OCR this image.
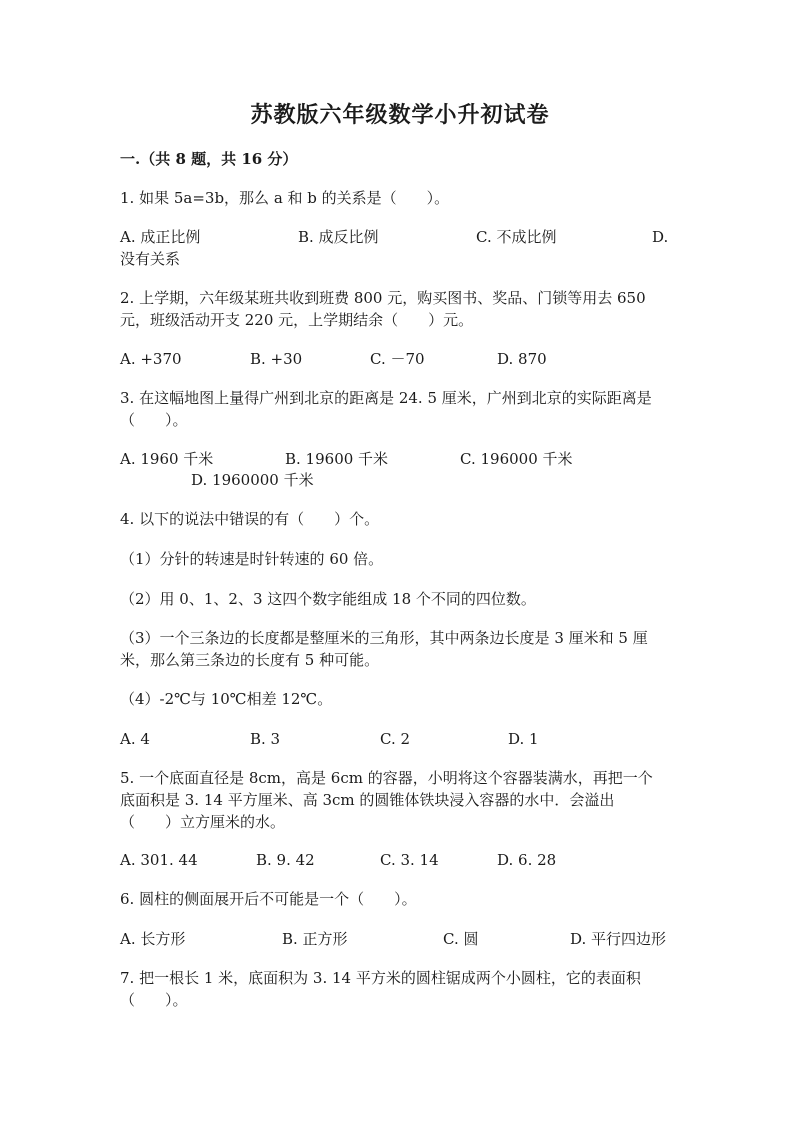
苏教版六年级数学小升初试卷
一.（共 8 题，共 16 分）
1. 如果 5a=3b，那么 a 和 b 的关系是（　　）。
A. 成正比例	B. 成反比例	C. 不成比例	D.
没有关系
2. 上学期，六年级某班共收到班费 800 元，购买图书、奖品、门锁等用去 650
元，班级活动开支 220 元，上学期结余（　　）元。
A. +370	B. +30	C. －70	D. 870
3. 在这幅地图上量得广州到北京的距离是 24. 5 厘米，广州到北京的实际距离是
（　　）。
A. 1960 千米	B. 19600 千米	C. 196000 千米
D. 1960000 千米
4. 以下的说法中错误的有（　　）个。
（1）分针的转速是时针转速的 60 倍。
（2）用 0、1、2、3 这四个数字能组成 18 个不同的四位数。
（3）一个三条边的长度都是整厘米的三角形，其中两条边长度是 3 厘米和 5 厘
米，那么第三条边的长度有 5 种可能。
（4）-2℃与 10℃相差 12℃。
A. 4	B. 3	C. 2	D. 1
5. 一个底面直径是 8cm，高是 6cm 的容器，小明将这个容器装满水，再把一个
底面积是 3. 14 平方厘米、高 3cm 的圆锥体铁块浸入容器的水中．会溢出
（　　）立方厘米的水。
A. 301. 44	B. 9. 42	C. 3. 14	D. 6. 28
6. 圆柱的侧面展开后不可能是一个（　　）。
A. 长方形	B. 正方形	C. 圆	D. 平行四边形
7. 把一根长 1 米，底面积为 3. 14 平方米的圆柱锯成两个小圆柱，它的表面积
（　　）。
